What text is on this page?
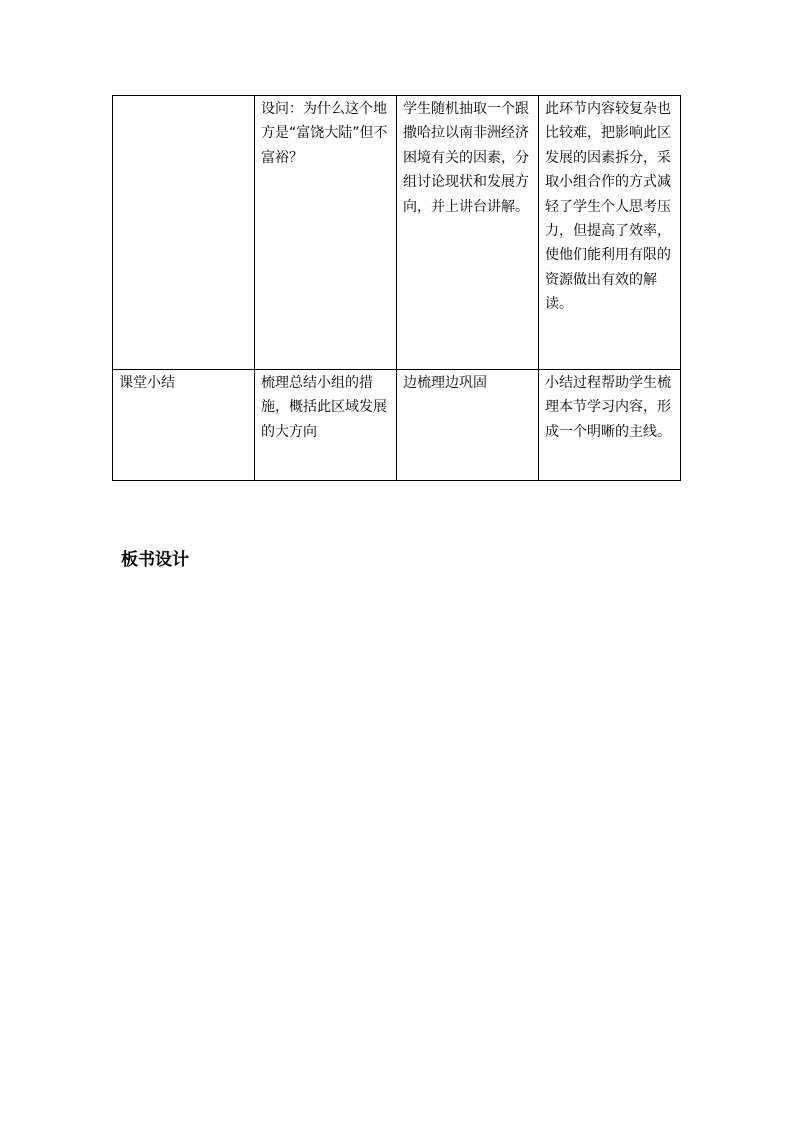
	设问：为什么这个地方是“富饶大陆”但不富裕？	学生随机抽取一个跟撒哈拉以南非洲经济困境有关的因素，分组讨论现状和发展方向，并上讲台讲解。	此环节内容较复杂也比较难，把影响此区发展的因素拆分，采取小组合作的方式减轻了学生个人思考压力，但提高了效率，使他们能利用有限的资源做出有效的解读。

课堂小结	梳理总结小组的措施，概括此区域发展的大方向	边梳理边巩固	小结过程帮助学生梳理本节学习内容，形成一个明晰的主线。
板书设计
